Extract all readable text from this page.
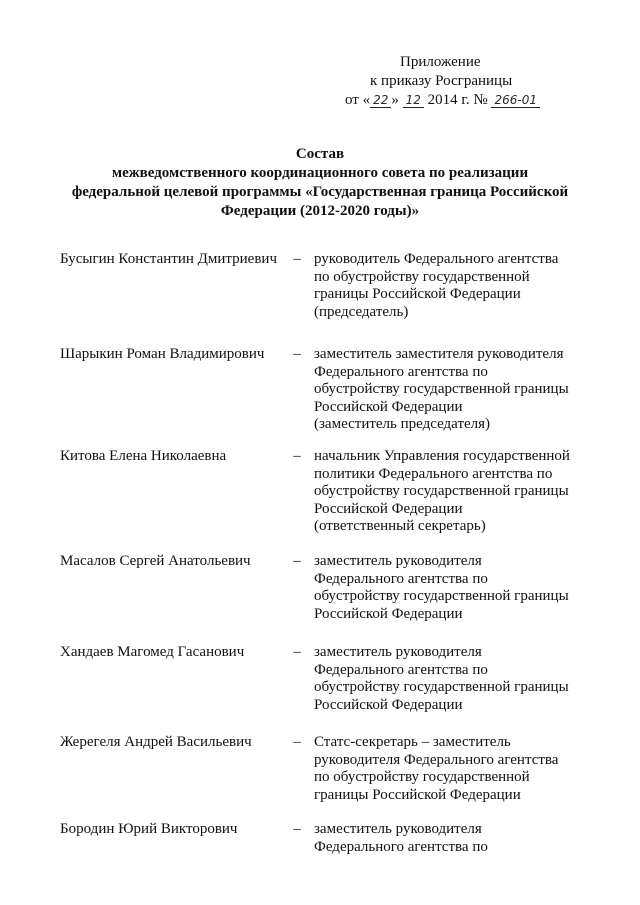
Приложение
к приказу Росграницы
от « 22 » 12 2014 г. № 266-01
Состав
межведомственного координационного совета по реализации
федеральной целевой программы «Государственная граница Российской
Федерации (2012-2020 годы)»
Бусыгин Константин Дмитриевич	– руководитель Федерального агентства
по обустройству государственной
границы Российской Федерации
(председатель)
Шарыкин Роман Владимирович	– заместитель заместителя руководителя
Федерального агентства по
обустройству государственной границы
Российской Федерации
(заместитель председателя)
Китова Елена Николаевна	– начальник Управления государственной
политики Федерального агентства по
обустройству государственной границы
Российской Федерации
(ответственный секретарь)
Масалов Сергей Анатольевич	– заместитель руководителя
Федерального агентства по
обустройству государственной границы
Российской Федерации
Хандаев Магомед Гасанович	– заместитель руководителя
Федерального агентства по
обустройству государственной границы
Российской Федерации
Жерегеля Андрей Васильевич	– Статс-секретарь – заместитель
руководителя Федерального агентства
по обустройству государственной
границы Российской Федерации
Бородин Юрий Викторович	– заместитель руководителя
Федерального агентства по
